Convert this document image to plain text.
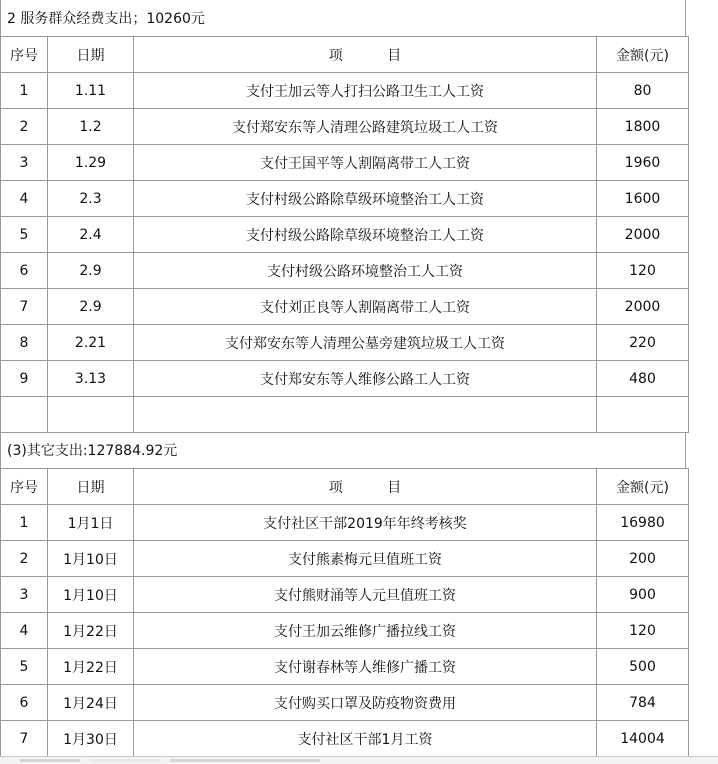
2 服务群众经费支出；10260元
序号	日期	项          目	金额(元)
1	1.11	支付王加云等人打扫公路卫生工人工资	80
2	1.2	支付郑安东等人清理公路建筑垃圾工人工资	1800
3	1.29	支付王国平等人割隔离带工人工资	1960
4	2.3	支付村级公路除草级环境整治工人工资	1600
5	2.4	支付村级公路除草级环境整治工人工资	2000
6	2.9	支付村级公路环境整治工人工资	120
7	2.9	支付刘正良等人割隔离带工人工资	2000
8	2.21	支付郑安东等人清理公墓旁建筑垃圾工人工资	220
9	3.13	支付郑安东等人维修公路工人工资	480

(3)其它支出:127884.92元
序号	日期	项          目	金额(元)
1	1月1日	支付社区干部2019年年终考核奖	16980
2	1月10日	支付熊素梅元旦值班工资	200
3	1月10日	支付熊财涌等人元旦值班工资	900
4	1月22日	支付王加云维修广播拉线工资	120
5	1月22日	支付谢春林等人维修广播工资	500
6	1月24日	支付购买口罩及防疫物资费用	784
7	1月30日	支付社区干部1月工资	14004
